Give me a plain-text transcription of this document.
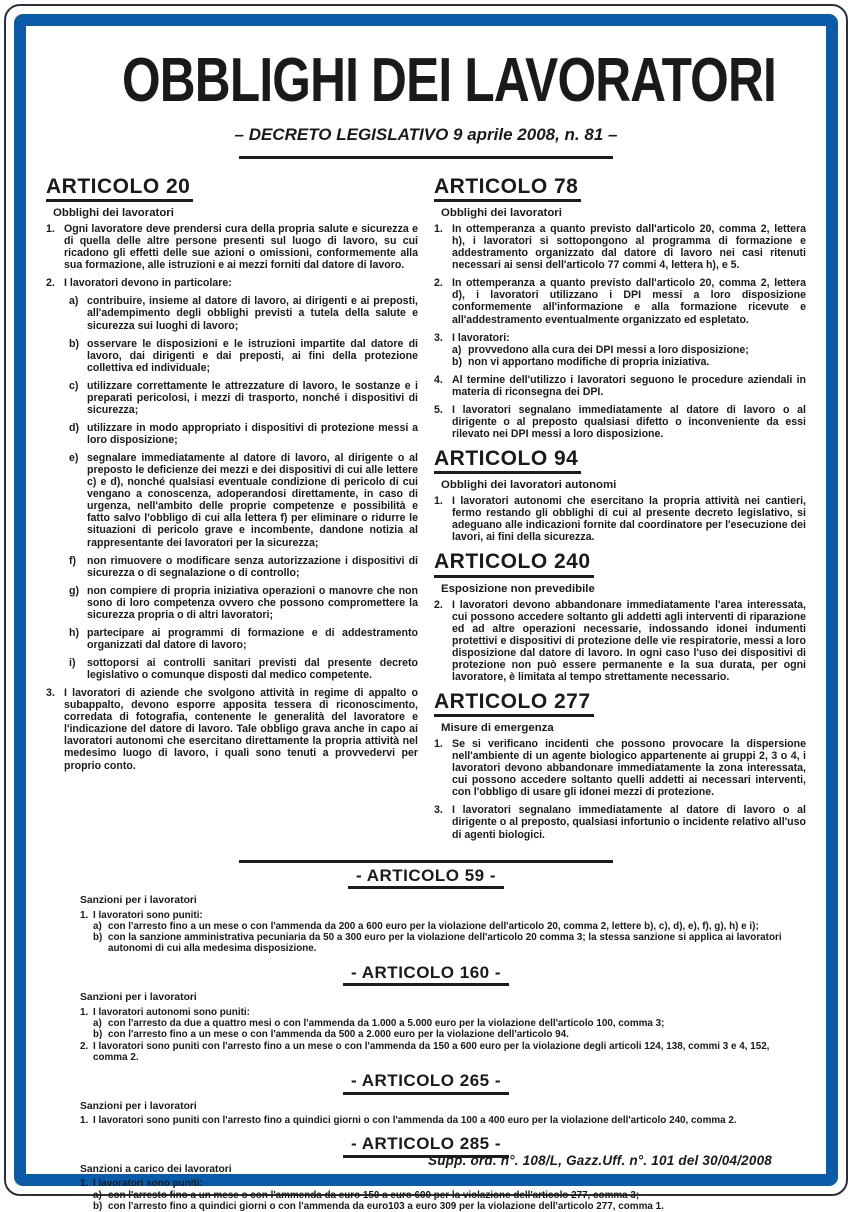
OBBLIGHI DEI LAVORATORI
– DECRETO LEGISLATIVO 9 aprile 2008, n. 81 –
ARTICOLO 20
Obblighi dei lavoratori
1. Ogni lavoratore deve prendersi cura della propria salute e sicurezza e di quella delle altre persone presenti sul luogo di lavoro, su cui ricadono gli effetti delle sue azioni o omissioni, conformemente alla sua formazione, alle istruzioni e ai mezzi forniti dal datore di lavoro.
2. I lavoratori devono in particolare:
a) contribuire, insieme al datore di lavoro, ai dirigenti e ai preposti, all'adempimento degli obblighi previsti a tutela della salute e sicurezza sui luoghi di lavoro;
b) osservare le disposizioni e le istruzioni impartite dal datore di lavoro, dai dirigenti e dai preposti, ai fini della protezione collettiva ed individuale;
c) utilizzare correttamente le attrezzature di lavoro, le sostanze e i preparati pericolosi, i mezzi di trasporto, nonché i dispositivi di sicurezza;
d) utilizzare in modo appropriato i dispositivi di protezione messi a loro disposizione;
e) segnalare immediatamente al datore di lavoro, al dirigente o al preposto le deficienze dei mezzi e dei dispositivi di cui alle lettere c) e d), nonché qualsiasi eventuale condizione di pericolo di cui vengano a conoscenza, adoperandosi direttamente, in caso di urgenza, nell'ambito delle proprie competenze e possibilità e fatto salvo l'obbligo di cui alla lettera f) per eliminare o ridurre le situazioni di pericolo grave e incombente, dandone notizia al rappresentante dei lavoratori per la sicurezza;
f) non rimuovere o modificare senza autorizzazione i dispositivi di sicurezza o di segnalazione o di controllo;
g) non compiere di propria iniziativa operazioni o manovre che non sono di loro competenza ovvero che possono compromettere la sicurezza propria o di altri lavoratori;
h) partecipare ai programmi di formazione e di addestramento organizzati dal datore di lavoro;
i) sottoporsi ai controlli sanitari previsti dal presente decreto legislativo o comunque disposti dal medico competente.
3. I lavoratori di aziende che svolgono attività in regime di appalto o subappalto, devono esporre apposita tessera di riconoscimento, corredata di fotografia, contenente le generalità del lavoratore e l'indicazione del datore di lavoro. Tale obbligo grava anche in capo ai lavoratori autonomi che esercitano direttamente la propria attività nel medesimo luogo di lavoro, i quali sono tenuti a provvedervi per proprio conto.
ARTICOLO 78
Obblighi dei lavoratori
1. In ottemperanza a quanto previsto dall'articolo 20, comma 2, lettera h), i lavoratori si sottopongono al programma di formazione e addestramento organizzato dal datore di lavoro nei casi ritenuti necessari ai sensi dell'articolo 77 commi 4, lettera h), e 5.
2. In ottemperanza a quanto previsto dall'articolo 20, comma 2, lettera d), i lavoratori utilizzano i DPI messi a loro disposizione conformemente all'informazione e alla formazione ricevute e all'addestramento eventualmente organizzato ed espletato.
3. I lavoratori:
a) provvedono alla cura dei DPI messi a loro disposizione;
b) non vi apportano modifiche di propria iniziativa.
4. Al termine dell'utilizzo i lavoratori seguono le procedure aziendali in materia di riconsegna dei DPI.
5. I lavoratori segnalano immediatamente al datore di lavoro o al dirigente o al preposto qualsiasi difetto o inconveniente da essi rilevato nei DPI messi a loro disposizione.
ARTICOLO 94
Obblighi dei lavoratori autonomi
1. I lavoratori autonomi che esercitano la propria attività nei cantieri, fermo restando gli obblighi di cui al presente decreto legislativo, si adeguano alle indicazioni fornite dal coordinatore per l'esecuzione dei lavori, ai fini della sicurezza.
ARTICOLO 240
Esposizione non prevedibile
2. I lavoratori devono abbandonare immediatamente l'area interessata, cui possono accedere soltanto gli addetti agli interventi di riparazione ed ad altre operazioni necessarie, indossando idonei indumenti protettivi e dispositivi di protezione delle vie respiratorie, messi a loro disposizione dal datore di lavoro. In ogni caso l'uso dei dispositivi di protezione non può essere permanente e la sua durata, per ogni lavoratore, è limitata al tempo strettamente necessario.
ARTICOLO 277
Misure di emergenza
1. Se si verificano incidenti che possono provocare la dispersione nell'ambiente di un agente biologico appartenente ai gruppi 2, 3 o 4, i lavoratori devono abbandonare immediatamente la zona interessata, cui possono accedere soltanto quelli addetti ai necessari interventi, con l'obbligo di usare gli idonei mezzi di protezione.
3. I lavoratori segnalano immediatamente al datore di lavoro o al dirigente o al preposto, qualsiasi infortunio o incidente relativo all'uso di agenti biologici.
- ARTICOLO 59 -
Sanzioni per i lavoratori
1. I lavoratori sono puniti:
a) con l'arresto fino a un mese o con l'ammenda da 200 a 600 euro per la violazione dell'articolo 20, comma 2, lettere b), c), d), e), f), g), h) e i);
b) con la sanzione amministrativa pecuniaria da 50 a 300 euro per la violazione dell'articolo 20 comma 3; la stessa sanzione si applica ai lavoratori autonomi di cui alla medesima disposizione.
- ARTICOLO 160 -
Sanzioni per i lavoratori
1. I lavoratori autonomi sono puniti:
a) con l'arresto da due a quattro mesi o con l'ammenda da 1.000 a 5.000 euro per la violazione dell'articolo 100, comma 3;
b) con l'arresto fino a un mese o con l'ammenda da 500 a 2.000 euro per la violazione dell'articolo 94.
2. I lavoratori sono puniti con l'arresto fino a un mese o con l'ammenda da 150 a 600 euro per la violazione degli articoli 124, 138, commi 3 e 4, 152, comma 2.
- ARTICOLO 265 -
Sanzioni per i lavoratori
1. I lavoratori sono puniti con l'arresto fino a quindici giorni o con l'ammenda da 100 a 400 euro per la violazione dell'articolo 240, comma 2.
- ARTICOLO 285 -
Sanzioni a carico dei lavoratori
1. I lavoratori sono puniti:
a) con l'arresto fino a un mese o con l'ammenda da euro 150 a euro 600 per la violazione dell'articolo 277, comma 3;
b) con l'arresto fino a quindici giorni o con l'ammenda da euro103 a euro 309 per la violazione dell'articolo 277, comma 1.
Supp. ord. n°. 108/L, Gazz.Uff. n°. 101 del 30/04/2008
